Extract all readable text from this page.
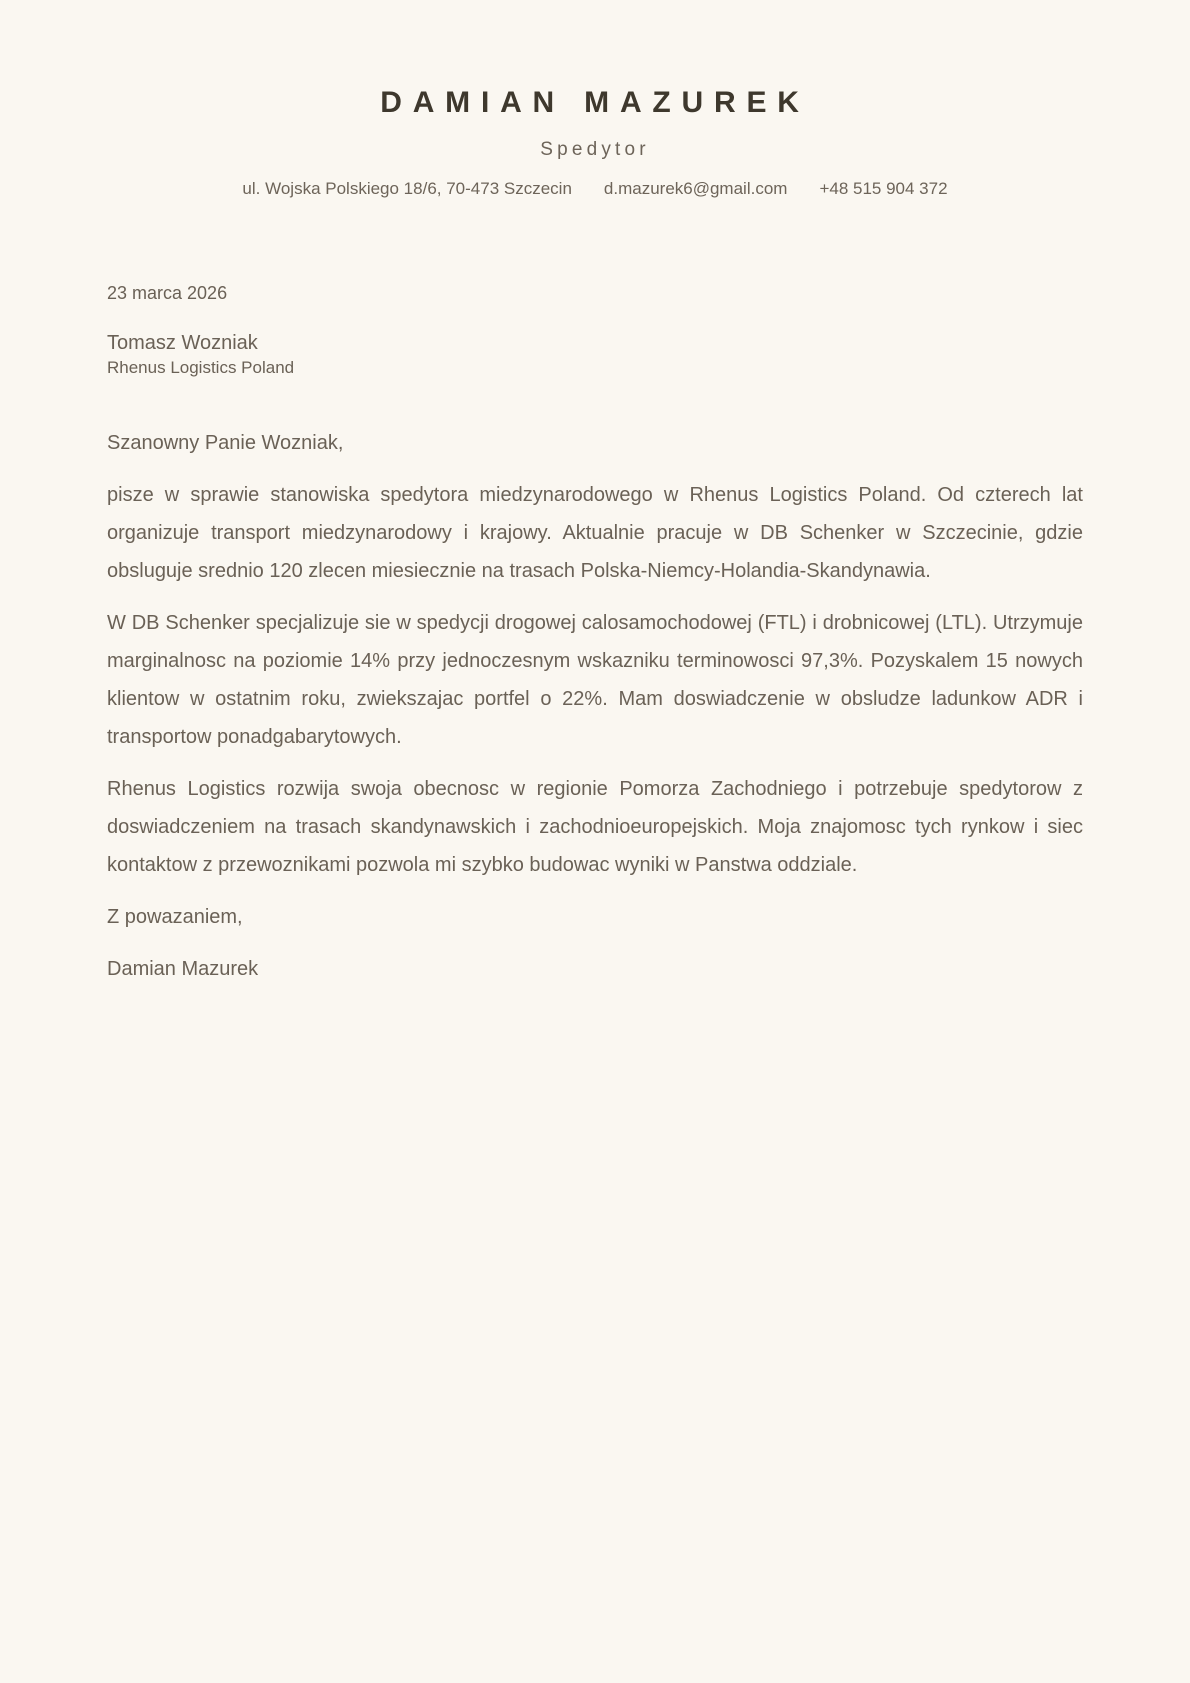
DAMIAN MAZUREK
Spedytor
ul. Wojska Polskiego 18/6, 70-473 Szczecin d.mazurek6@gmail.com +48 515 904 372
23 marca 2026
Tomasz Wozniak
Rhenus Logistics Poland

Szanowny Panie Wozniak,

pisze w sprawie stanowiska spedytora miedzynarodowego w Rhenus Logistics Poland. Od czterech lat organizuje transport miedzynarodowy i krajowy. Aktualnie pracuje w DB Schenker w Szczecinie, gdzie obsluguje srednio 120 zlecen miesiecznie na trasach Polska-Niemcy-Holandia-Skandynawia.

W DB Schenker specjalizuje sie w spedycji drogowej calosamochodowej (FTL) i drobnicowej (LTL). Utrzymuje marginalnosc na poziomie 14% przy jednoczesnym wskazniku terminowosci 97,3%. Pozyskalem 15 nowych klientow w ostatnim roku, zwiekszajac portfel o 22%. Mam doswiadczenie w obsludze ladunkow ADR i transportow ponadgabarytowych.

Rhenus Logistics rozwija swoja obecnosc w regionie Pomorza Zachodniego i potrzebuje spedytorow z doswiadczeniem na trasach skandynawskich i zachodnioeuropejskich. Moja znajomosc tych rynkow i siec kontaktow z przewoznikami pozwola mi szybko budowac wyniki w Panstwa oddziale.

Z powazaniem,

Damian Mazurek
